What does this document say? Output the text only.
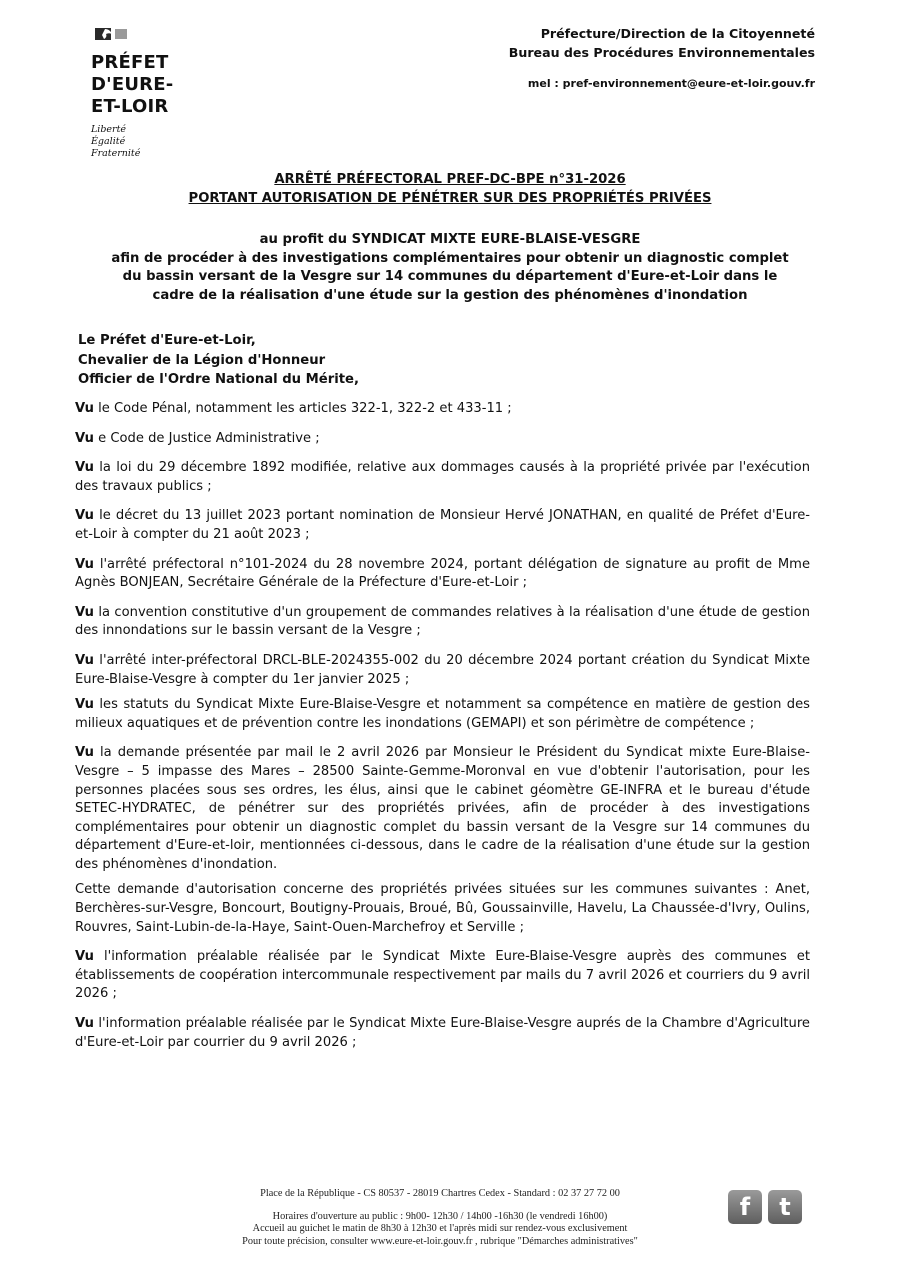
PRÉFET
D'EURE-
ET-LOIR
Liberté
Égalité
Fraternité
Préfecture/Direction de la Citoyenneté
Bureau des Procédures Environnementales
mel : pref-environnement@eure-et-loir.gouv.fr
ARRÊTÉ PRÉFECTORAL PREF-DC-BPE n°31-2026
PORTANT AUTORISATION DE PÉNÉTRER SUR DES PROPRIÉTÉS PRIVÉES
au profit du SYNDICAT MIXTE EURE-BLAISE-VESGRE
afin de procéder à des investigations complémentaires pour obtenir un diagnostic complet
du bassin versant de la Vesgre sur 14 communes du département d'Eure-et-Loir dans le
cadre de la réalisation d'une étude sur la gestion des phénomènes d'inondation
Le Préfet d'Eure-et-Loir,
Chevalier de la Légion d'Honneur
Officier de l'Ordre National du Mérite,

Vu le Code Pénal, notamment les articles 322-1, 322-2 et 433-11 ;

Vu e Code de Justice Administrative ;

Vu la loi du 29 décembre 1892 modifiée, relative aux dommages causés à la propriété privée par l'exécution des travaux publics ;

Vu le décret du 13 juillet 2023 portant nomination de Monsieur Hervé JONATHAN, en qualité de Préfet d'Eure-et-Loir à compter du 21 août 2023 ;

Vu l'arrêté préfectoral n°101-2024 du 28 novembre 2024, portant délégation de signature au profit de Mme Agnès BONJEAN, Secrétaire Générale de la Préfecture d'Eure-et-Loir ;

Vu la convention constitutive d'un groupement de commandes relatives à la réalisation d'une étude de gestion des innondations sur le bassin versant de la Vesgre ;

Vu l'arrêté inter-préfectoral DRCL-BLE-2024355-002 du 20 décembre 2024 portant création du Syndicat Mixte Eure-Blaise-Vesgre à compter du 1er janvier 2025 ;

Vu les statuts du Syndicat Mixte Eure-Blaise-Vesgre et notamment sa compétence en matière de gestion des milieux aquatiques et de prévention contre les inondations (GEMAPI) et son périmètre de compétence ;

Vu la demande présentée par mail le 2 avril 2026 par Monsieur le Président du Syndicat mixte Eure-Blaise-Vesgre – 5 impasse des Mares – 28500 Sainte-Gemme-Moronval en vue d'obtenir l'autorisation, pour les personnes placées sous ses ordres, les élus, ainsi que le cabinet géomètre GE-INFRA et le bureau d'étude SETEC-HYDRATEC, de pénétrer sur des propriétés privées, afin de procéder à des investigations complémentaires pour obtenir un diagnostic complet du bassin versant de la Vesgre sur 14 communes du département d'Eure-et-loir, mentionnées ci-dessous, dans le cadre de la réalisation d'une étude sur la gestion des phénomènes d'inondation.

Cette demande d'autorisation concerne des propriétés privées situées sur les communes suivantes : Anet, Berchères-sur-Vesgre, Boncourt, Boutigny-Prouais, Broué, Bû, Goussainville, Havelu, La Chaussée-d'Ivry, Oulins, Rouvres, Saint-Lubin-de-la-Haye, Saint-Ouen-Marchefroy et Serville ;

Vu l'information préalable réalisée par le Syndicat Mixte Eure-Blaise-Vesgre auprès des communes et établissements de coopération intercommunale respectivement par mails du 7 avril 2026 et courriers du 9 avril 2026 ;

Vu l'information préalable réalisée par le Syndicat Mixte Eure-Blaise-Vesgre auprés de la Chambre d'Agriculture d'Eure-et-Loir par courrier du 9 avril 2026 ;

Place de la République - CS 80537 - 28019 Chartres Cedex - Standard : 02 37 27 72 00
Horaires d'ouverture au public : 9h00- 12h30 / 14h00 -16h30 (le vendredi 16h00)
Accueil au guichet le matin de 8h30 à 12h30 et l'après midi sur rendez-vous exclusivement
Pour toute précision, consulter www.eure-et-loir.gouv.fr , rubrique "Démarches administratives"
f	t
